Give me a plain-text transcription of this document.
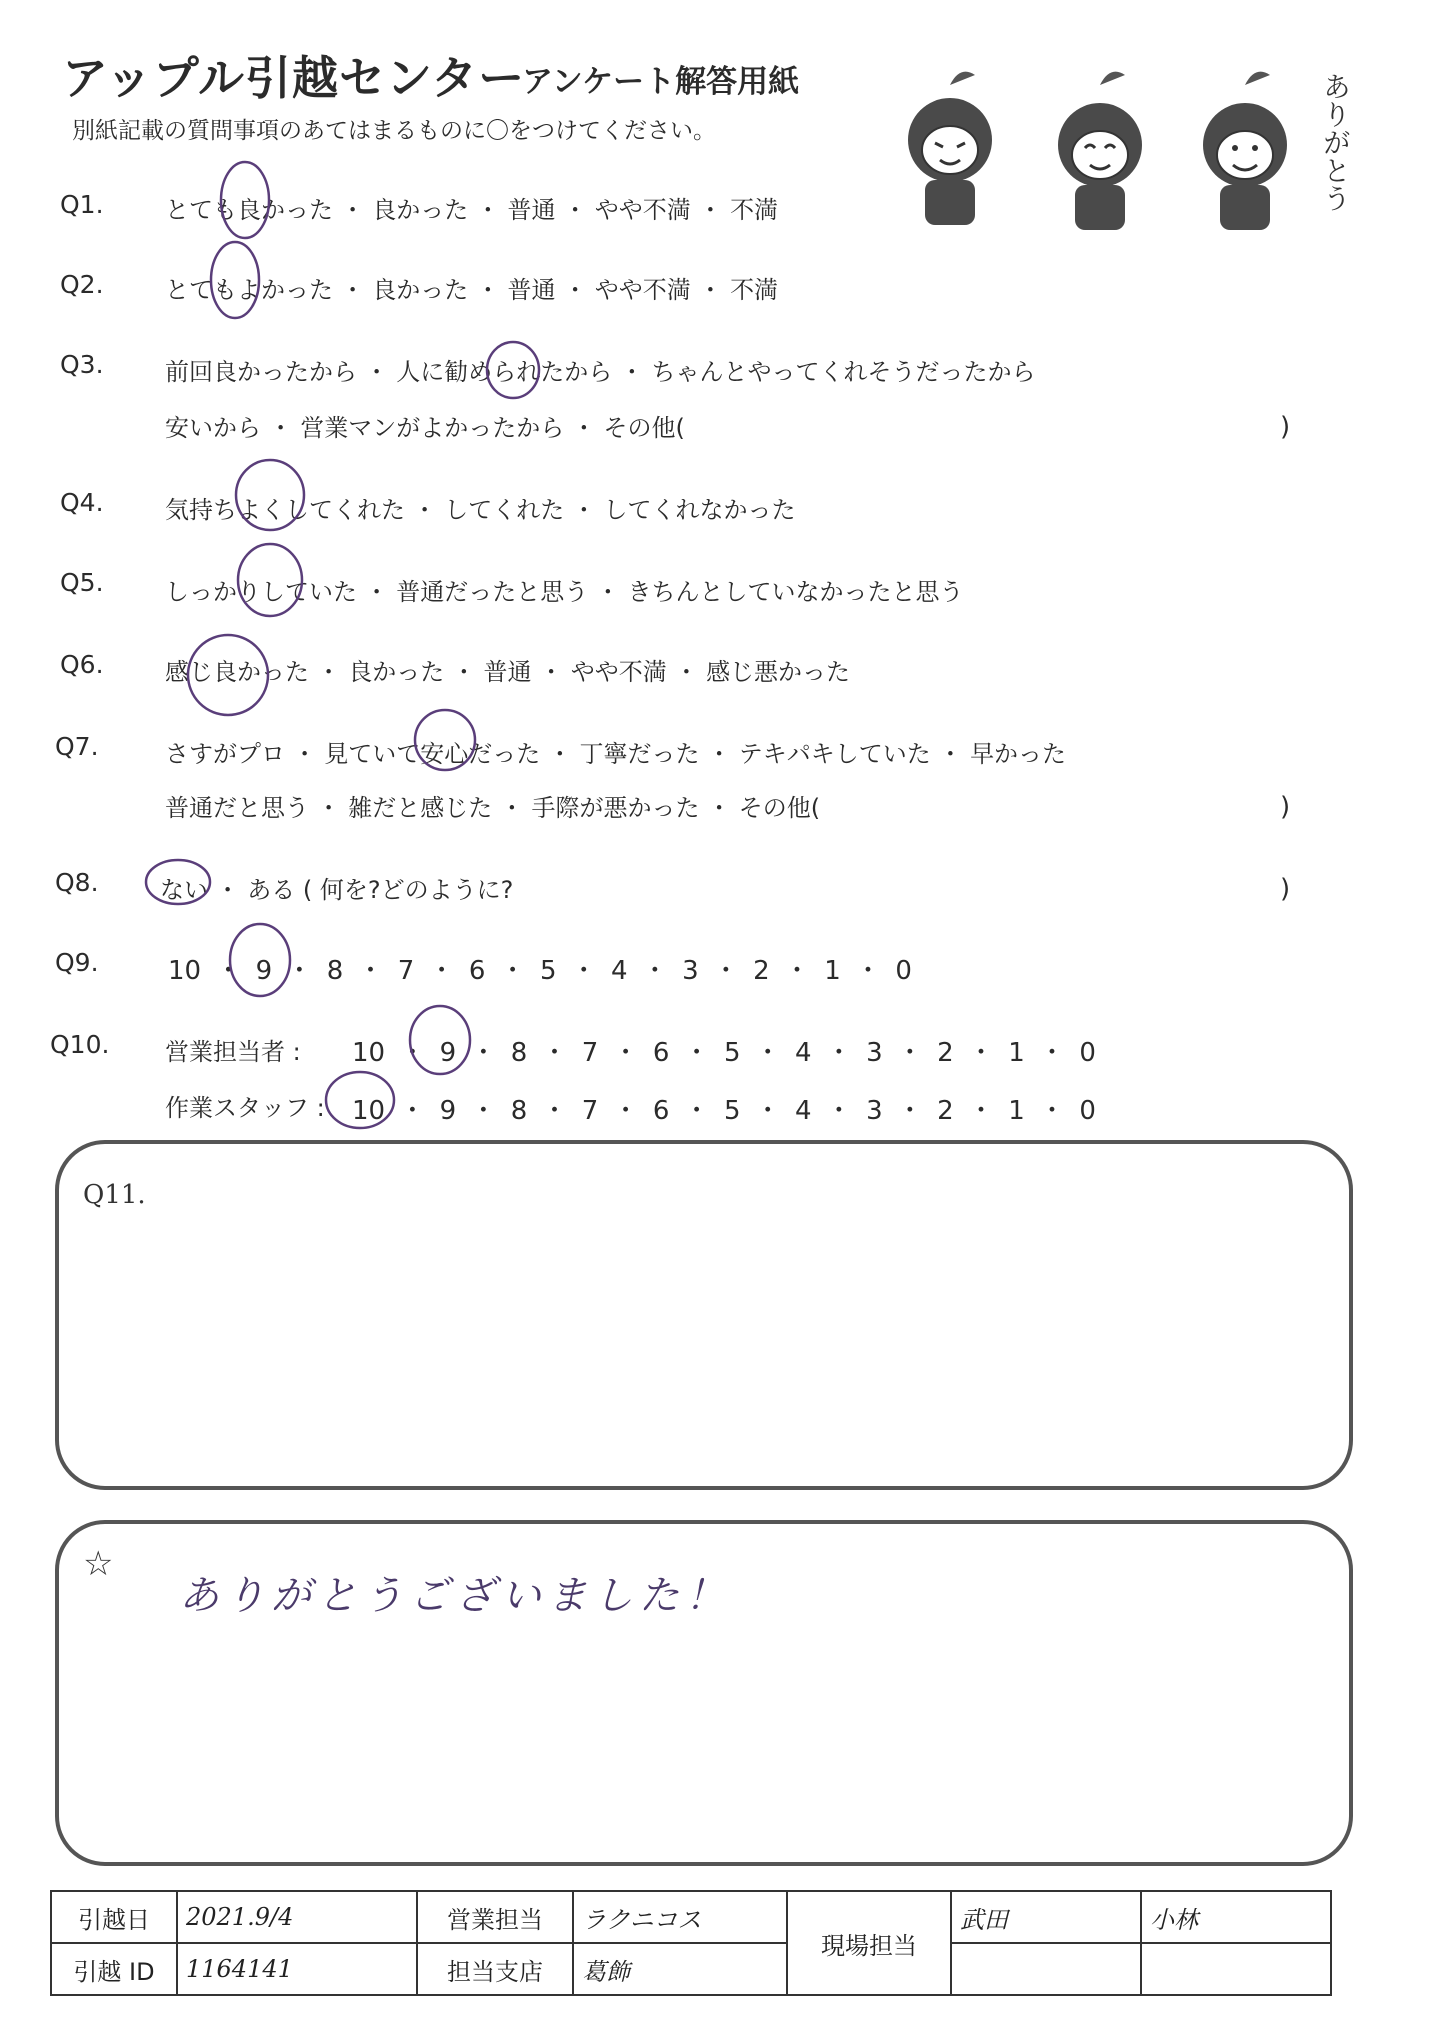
アップル引越センター
アンケート解答用紙
別紙記載の質問事項のあてはまるものに〇をつけてください。	ありがとう
Q1.	とても良かった ・ 良かった ・ 普通 ・ やや不満 ・ 不満
Q2.	とてもよかった ・ 良かった ・ 普通 ・ やや不満 ・ 不満
Q3.	前回良かったから ・ 人に勧められたから ・ ちゃんとやってくれそうだったから
安いから ・ 営業マンがよかったから ・ その他(	)
Q4.	気持ちよくしてくれた ・ してくれた ・ してくれなかった
Q5.	しっかりしていた ・ 普通だったと思う ・ きちんとしていなかったと思う
Q6.	感じ良かった ・ 良かった ・ 普通 ・ やや不満 ・ 感じ悪かった
Q7.	さすがプロ ・ 見ていて安心だった ・ 丁寧だった ・ テキパキしていた ・ 早かった
普通だと思う ・ 雑だと感じた ・ 手際が悪かった ・ その他(	)
Q8.	ない ・ ある ( 何を?どのように?	)
Q9.	10 ・ 9 ・ 8 ・ 7 ・ 6 ・ 5 ・ 4 ・ 3 ・ 2 ・ 1 ・ 0
Q10. 営業担当者 : 10 ・ 9 ・ 8 ・ 7 ・ 6 ・ 5 ・ 4 ・ 3 ・ 2 ・ 1 ・ 0
作業スタッフ : 10 ・ 9 ・ 8 ・ 7 ・ 6 ・ 5 ・ 4 ・ 3 ・ 2 ・ 1 ・ 0
Q11.
☆
ありがとうございました！
引越日	2021.9/4	営業担当	ラクニコス	現場担当	武田	小林
引越 ID	1164141	担当支店	葛飾			
